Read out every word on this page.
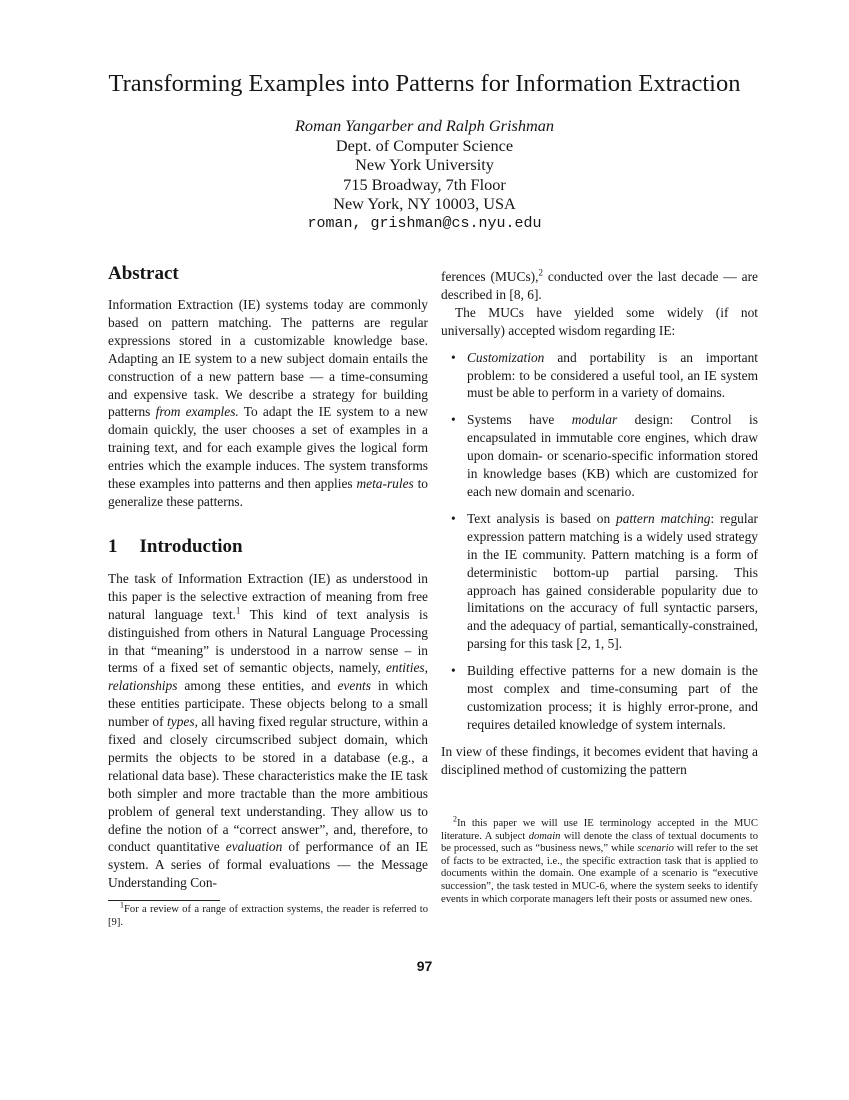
Transforming Examples into Patterns for Information Extraction
Roman Yangarber and Ralph Grishman
Dept. of Computer Science
New York University
715 Broadway, 7th Floor
New York, NY 10003, USA
roman, grishman@cs.nyu.edu
Abstract

Information Extraction (IE) systems today are commonly based on pattern matching. The patterns are regular expressions stored in a customizable knowledge base. Adapting an IE system to a new subject domain entails the construction of a new pattern base — a time-consuming and expensive task. We describe a strategy for building patterns from examples. To adapt the IE system to a new domain quickly, the user chooses a set of examples in a training text, and for each example gives the logical form entries which the example induces. The system transforms these examples into patterns and then applies meta-rules to generalize these patterns.

1 Introduction

The task of Information Extraction (IE) as understood in this paper is the selective extraction of meaning from free natural language text.$^1$ This kind of text analysis is distinguished from others in Natural Language Processing in that “meaning” is understood in a narrow sense – in terms of a fixed set of semantic objects, namely, entities, relationships among these entities, and events in which these entities participate. These objects belong to a small number of types, all having fixed regular structure, within a fixed and closely circumscribed subject domain, which permits the objects to be stored in a database (e.g., a relational data base). These characteristics make the IE task both simpler and more tractable than the more ambitious problem of general text understanding. They allow us to define the notion of a “correct answer”, and, therefore, to conduct quantitative evaluation of performance of an IE system. A series of formal evaluations — the Message Understanding Con-

$^1$For a review of a range of extraction systems, the reader is referred to [9].

ferences (MUCs),$^2$ conducted over the last decade — are described in [8, 6].

The MUCs have yielded some widely (if not universally) accepted wisdom regarding IE:

• Customization and portability is an important problem: to be considered a useful tool, an IE system must be able to perform in a variety of domains.
• Systems have modular design: Control is encapsulated in immutable core engines, which draw upon domain- or scenario-specific information stored in knowledge bases (KB) which are customized for each new domain and scenario.
• Text analysis is based on pattern matching: regular expression pattern matching is a widely used strategy in the IE community. Pattern matching is a form of deterministic bottom-up partial parsing. This approach has gained considerable popularity due to limitations on the accuracy of full syntactic parsers, and the adequacy of partial, semantically-constrained, parsing for this task [2, 1, 5].
• Building effective patterns for a new domain is the most complex and time-consuming part of the customization process; it is highly error-prone, and requires detailed knowledge of system internals.

In view of these findings, it becomes evident that having a disciplined method of customizing the pattern

$^2$In this paper we will use IE terminology accepted in the MUC literature. A subject domain will denote the class of textual documents to be processed, such as “business news,” while scenario will refer to the set of facts to be extracted, i.e., the specific extraction task that is applied to documents within the domain. One example of a scenario is “executive succession”, the task tested in MUC-6, where the system seeks to identify events in which corporate managers left their posts or assumed new ones.

97
